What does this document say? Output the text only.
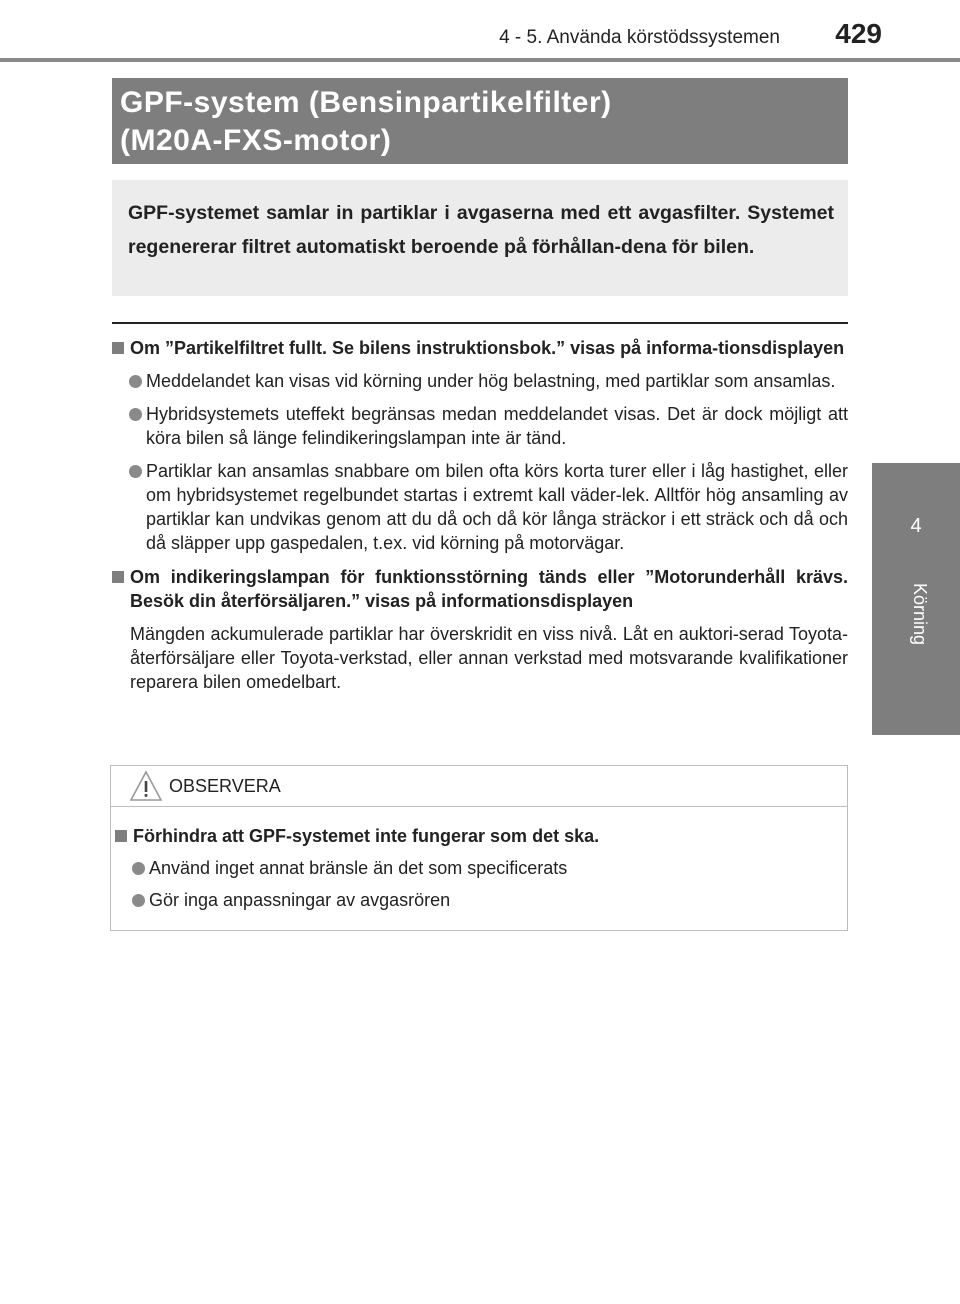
4 - 5. Använda körstödssystemen 429
4
Körning
GPF-system (Bensinpartikelfilter)
(M20A-FXS-motor)
GPF-systemet samlar in partiklar i avgaserna med ett avgasfilter. Systemet regenererar filtret automatiskt beroende på förhållan-dena för bilen.
Om ”Partikelfiltret fullt. Se bilens instruktionsbok.” visas på informa-tionsdisplayen
Meddelandet kan visas vid körning under hög belastning, med partiklar som ansamlas.
Hybridsystemets uteffekt begränsas medan meddelandet visas. Det är dock möjligt att köra bilen så länge felindikeringslampan inte är tänd.
Partiklar kan ansamlas snabbare om bilen ofta körs korta turer eller i låg hastighet, eller om hybridsystemet regelbundet startas i extremt kall väder-lek. Alltför hög ansamling av partiklar kan undvikas genom att du då och då kör långa sträckor i ett sträck och då och då släpper upp gaspedalen, t.ex. vid körning på motorvägar.
Om indikeringslampan för funktionsstörning tänds eller ”Motorunderhåll krävs. Besök din återförsäljaren.” visas på informationsdisplayen
Mängden ackumulerade partiklar har överskridit en viss nivå. Låt en auktori-serad Toyota-återförsäljare eller Toyota-verkstad, eller annan verkstad med motsvarande kvalifikationer reparera bilen omedelbart.
OBSERVERA
Förhindra att GPF-systemet inte fungerar som det ska.
Använd inget annat bränsle än det som specificerats
Gör inga anpassningar av avgasrören
